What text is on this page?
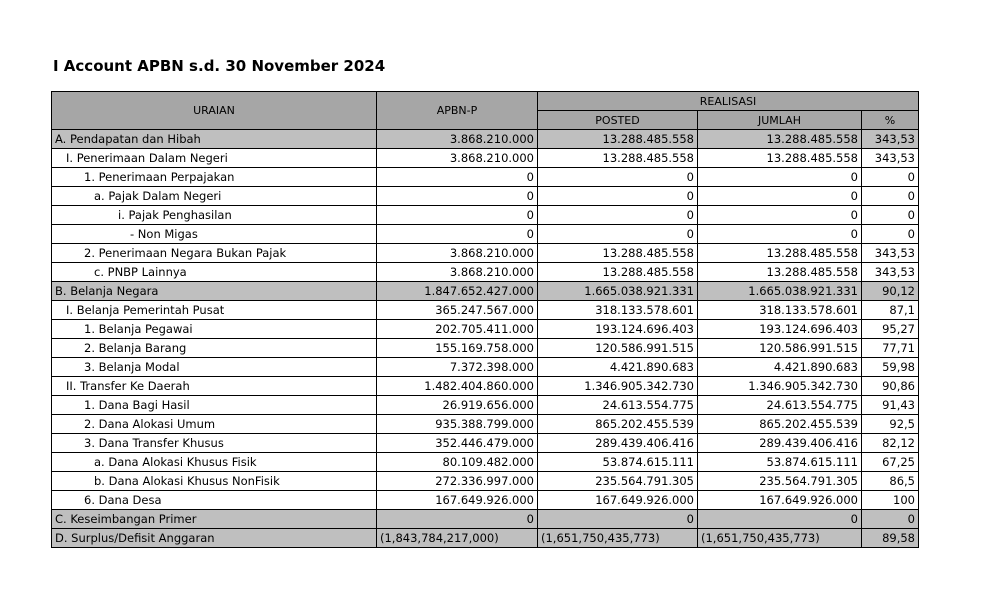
I Account APBN s.d. 30 November 2024
URAIAN	APBN-P	REALISASI		
		POSTED	JUMLAH	%
A. Pendapatan dan Hibah	3.868.210.000	13.288.485.558	13.288.485.558	343,53
I. Penerimaan Dalam Negeri	3.868.210.000	13.288.485.558	13.288.485.558	343,53
1. Penerimaan Perpajakan	0	0	0	0
a. Pajak Dalam Negeri	0	0	0	0
i. Pajak Penghasilan	0	0	0	0
- Non Migas	0	0	0	0
2. Penerimaan Negara Bukan Pajak	3.868.210.000	13.288.485.558	13.288.485.558	343,53
c. PNBP Lainnya	3.868.210.000	13.288.485.558	13.288.485.558	343,53
B. Belanja Negara	1.847.652.427.000	1.665.038.921.331	1.665.038.921.331	90,12
I. Belanja Pemerintah Pusat	365.247.567.000	318.133.578.601	318.133.578.601	87,1
1. Belanja Pegawai	202.705.411.000	193.124.696.403	193.124.696.403	95,27
2. Belanja Barang	155.169.758.000	120.586.991.515	120.586.991.515	77,71
3. Belanja Modal	7.372.398.000	4.421.890.683	4.421.890.683	59,98
II. Transfer Ke Daerah	1.482.404.860.000	1.346.905.342.730	1.346.905.342.730	90,86
1. Dana Bagi Hasil	26.919.656.000	24.613.554.775	24.613.554.775	91,43
2. Dana Alokasi Umum	935.388.799.000	865.202.455.539	865.202.455.539	92,5
3. Dana Transfer Khusus	352.446.479.000	289.439.406.416	289.439.406.416	82,12
a. Dana Alokasi Khusus Fisik	80.109.482.000	53.874.615.111	53.874.615.111	67,25
b. Dana Alokasi Khusus NonFisik	272.336.997.000	235.564.791.305	235.564.791.305	86,5
6. Dana Desa	167.649.926.000	167.649.926.000	167.649.926.000	100
C. Keseimbangan Primer	0	0	0	0
D. Surplus/Defisit Anggaran	(1,843,784,217,000)	(1,651,750,435,773)	(1,651,750,435,773)	89,58
